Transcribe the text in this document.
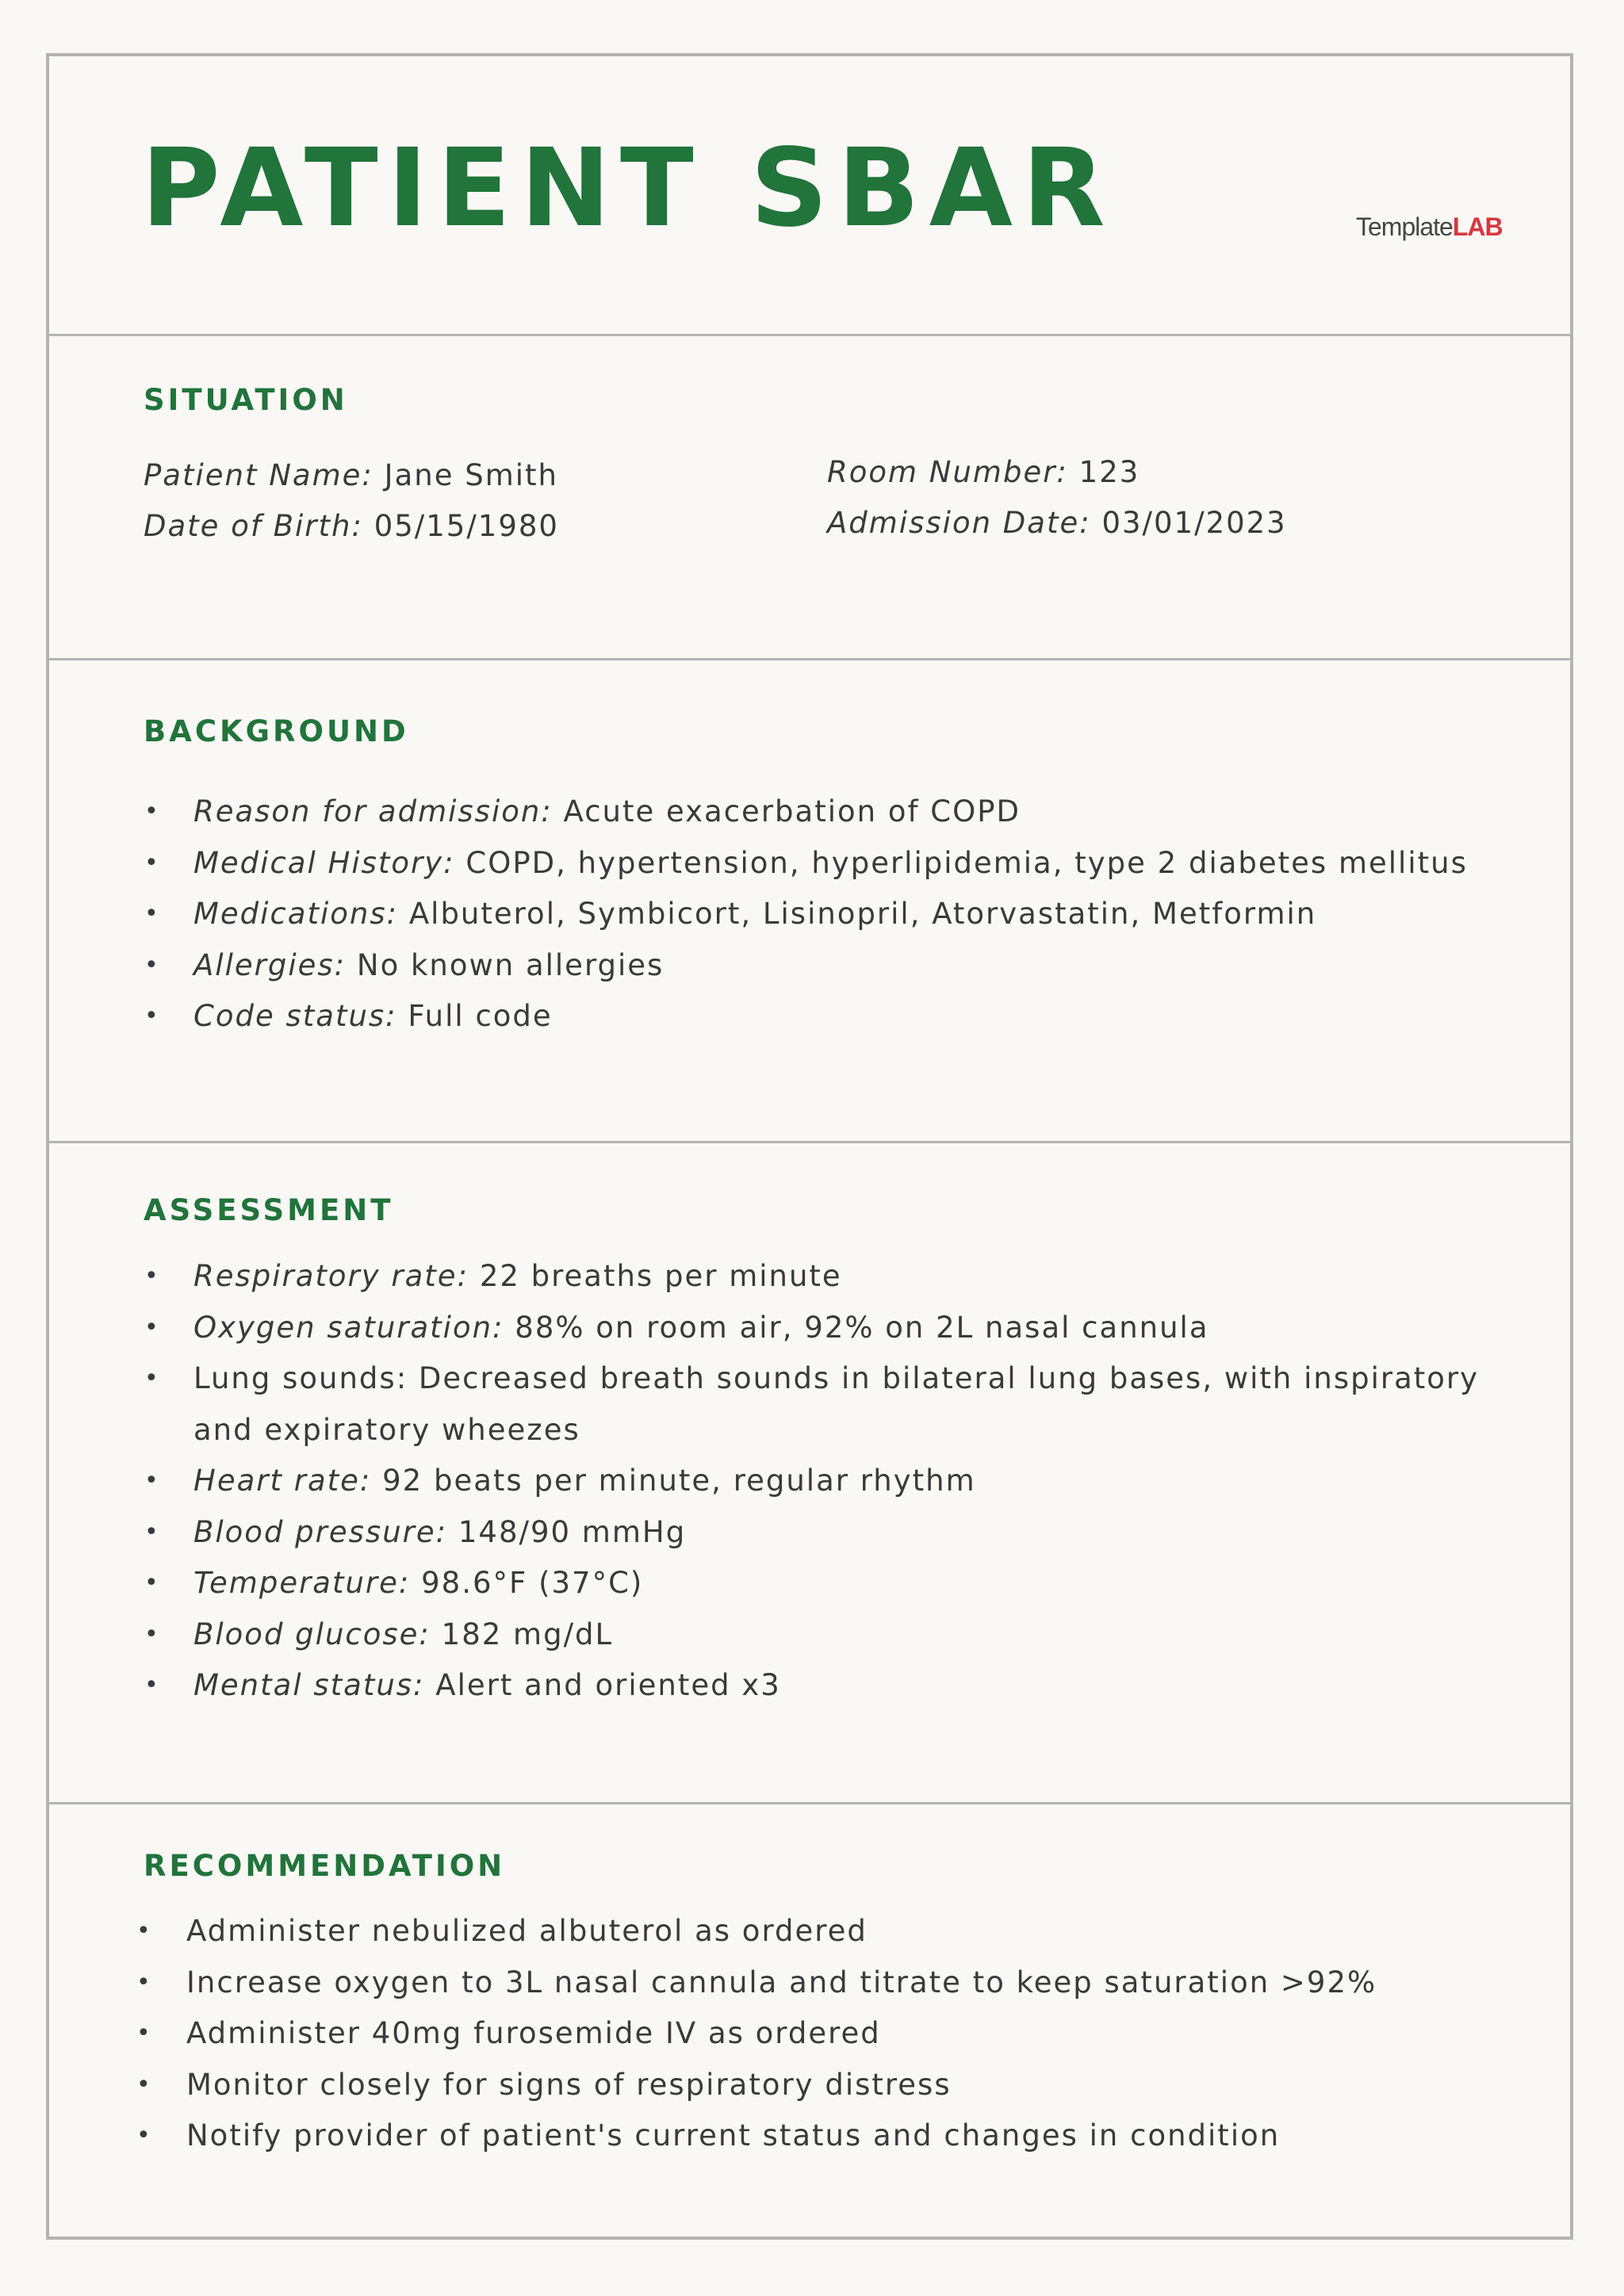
PATIENT SBAR	TemplateLAB
SITUATION
Patient Name: Jane Smith
Date of Birth: 05/15/1980
Room Number: 123
Admission Date: 03/01/2023
BACKGROUND
• Reason for admission: Acute exacerbation of COPD
• Medical History: COPD, hypertension, hyperlipidemia, type 2 diabetes mellitus
• Medications: Albuterol, Symbicort, Lisinopril, Atorvastatin, Metformin
• Allergies: No known allergies
• Code status: Full code
ASSESSMENT
• Respiratory rate: 22 breaths per minute
• Oxygen saturation: 88% on room air, 92% on 2L nasal cannula
• Lung sounds: Decreased breath sounds in bilateral lung bases, with inspiratory
and expiratory wheezes
• Heart rate: 92 beats per minute, regular rhythm
• Blood pressure: 148/90 mmHg
• Temperature: 98.6°F (37°C)
• Blood glucose: 182 mg/dL
• Mental status: Alert and oriented x3
RECOMMENDATION
• Administer nebulized albuterol as ordered
• Increase oxygen to 3L nasal cannula and titrate to keep saturation >92%
• Administer 40mg furosemide IV as ordered
• Monitor closely for signs of respiratory distress
• Notify provider of patient's current status and changes in condition
